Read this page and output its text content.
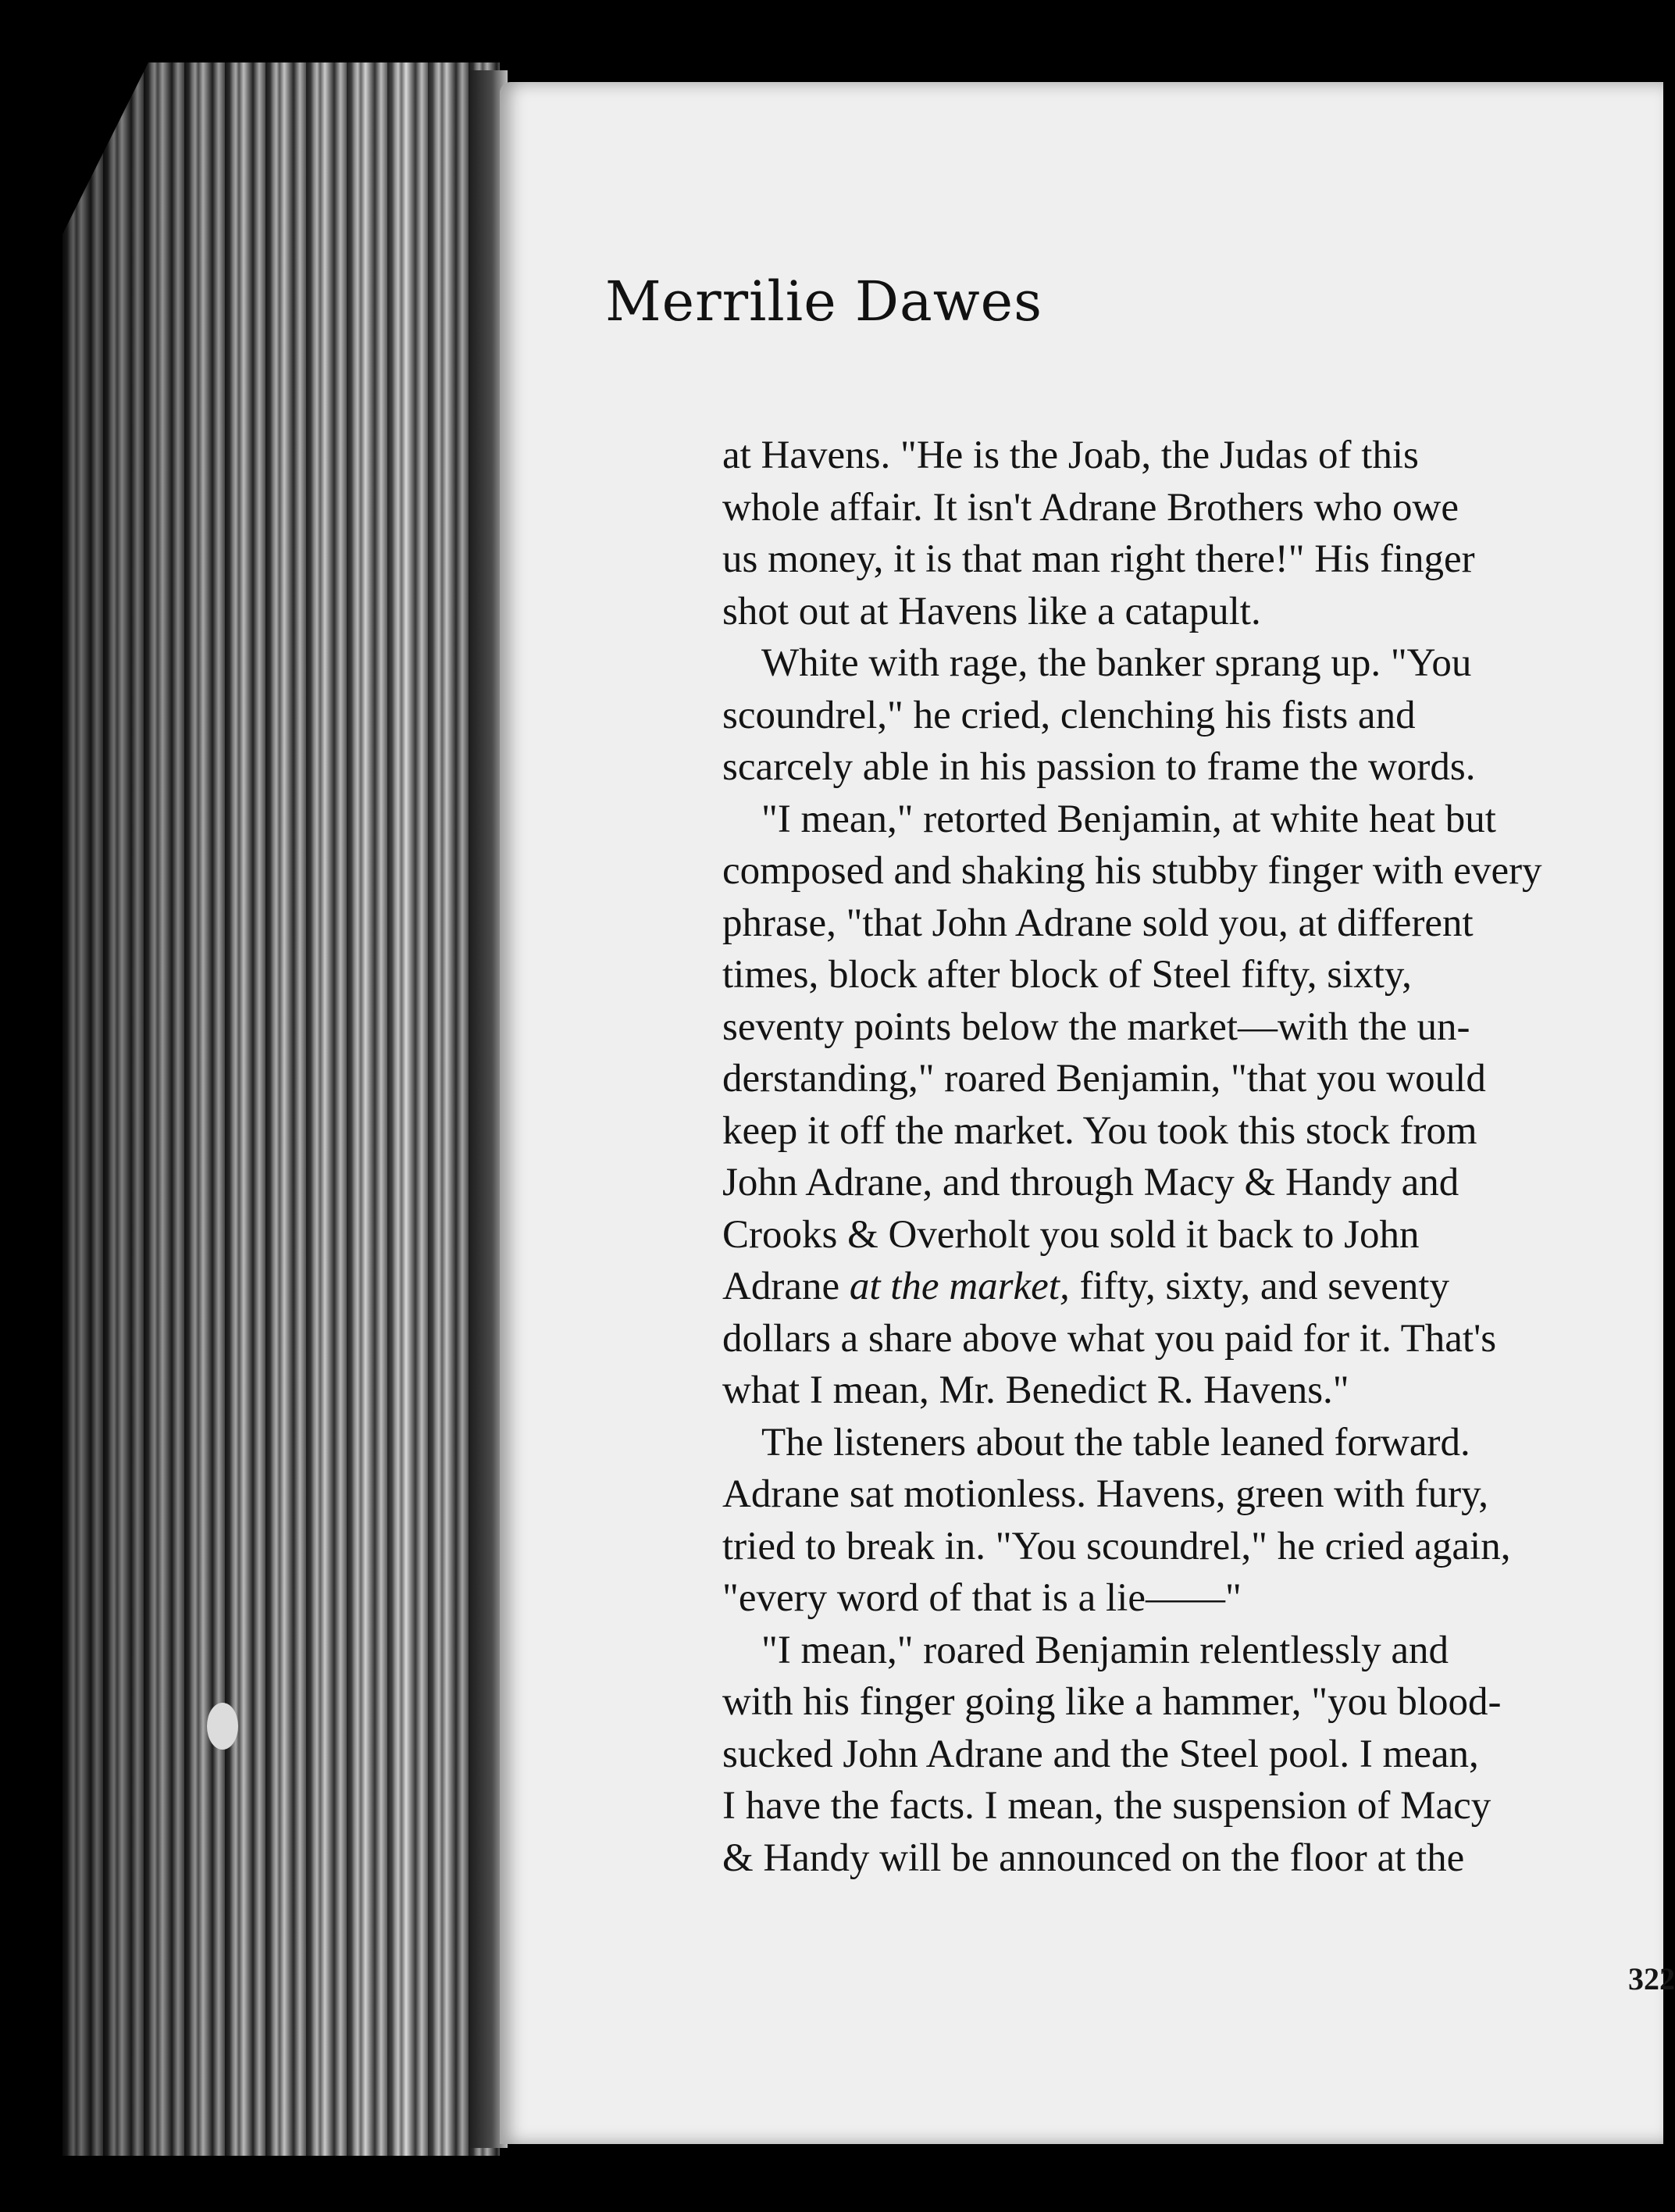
Merrilie Dawes
at Havens. "He is the Joab, the Judas of this
whole affair. It isn't Adrane Brothers who owe
us money, it is that man right there!" His finger
shot out at Havens like a catapult.
White with rage, the banker sprang up. "You
scoundrel," he cried, clenching his fists and
scarcely able in his passion to frame the words.
"I mean," retorted Benjamin, at white heat but
composed and shaking his stubby finger with every
phrase, "that John Adrane sold you, at different
times, block after block of Steel fifty, sixty,
seventy points below the market—with the un-
derstanding," roared Benjamin, "that you would
keep it off the market. You took this stock from
John Adrane, and through Macy & Handy and
Crooks & Overholt you sold it back to John
Adrane at the market, fifty, sixty, and seventy
dollars a share above what you paid for it. That's
what I mean, Mr. Benedict R. Havens."
The listeners about the table leaned forward.
Adrane sat motionless. Havens, green with fury,
tried to break in. "You scoundrel," he cried again,
"every word of that is a lie——"
"I mean," roared Benjamin relentlessly and
with his finger going like a hammer, "you blood-
sucked John Adrane and the Steel pool. I mean,
I have the facts. I mean, the suspension of Macy
& Handy will be announced on the floor at the
322
